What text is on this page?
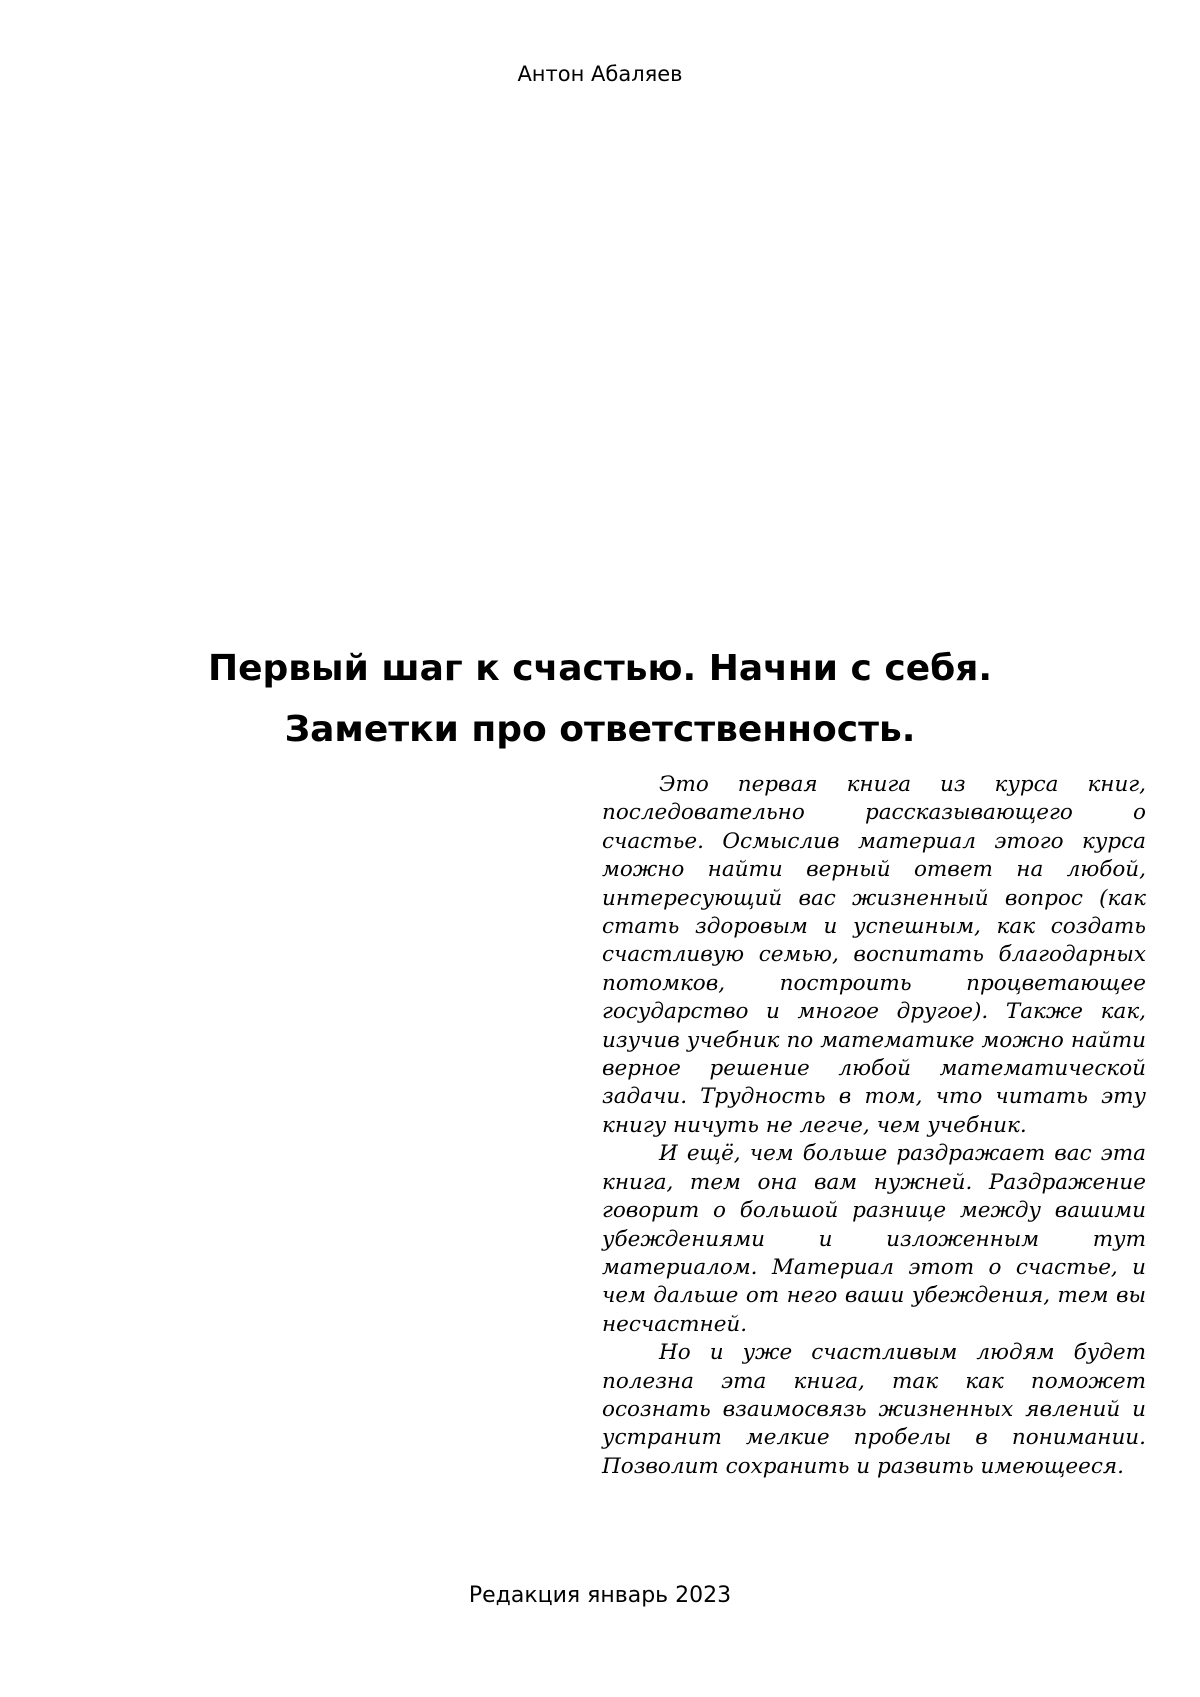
Антон Абаляев
Первый шаг к счастью. Начни с себя.
Заметки про ответственность.

Это первая книга из курса книг, последовательно рассказывающего о счастье. Осмыслив материал этого курса можно найти верный ответ на любой, интересующий вас жизненный вопрос (как стать здоровым и успешным, как создать счастливую семью, воспитать благодарных потомков, построить процветающее государство и многое другое). Также как, изучив учебник по математике можно найти верное решение любой математической задачи. Трудность в том, что читать эту книгу ничуть не легче, чем учебник.

И ещё, чем больше раздражает вас эта книга, тем она вам нужней. Раздражение говорит о большой разнице между вашими убеждениями и изложенным тут материалом. Материал этот о счастье, и чем дальше от него ваши убеждения, тем вы несчастней.

Но и уже счастливым людям будет полезна эта книга, так как поможет осознать взаимосвязь жизненных явлений и устранит мелкие пробелы в понимании. Позволит сохранить и развить имеющееся.

Редакция январь 2023
